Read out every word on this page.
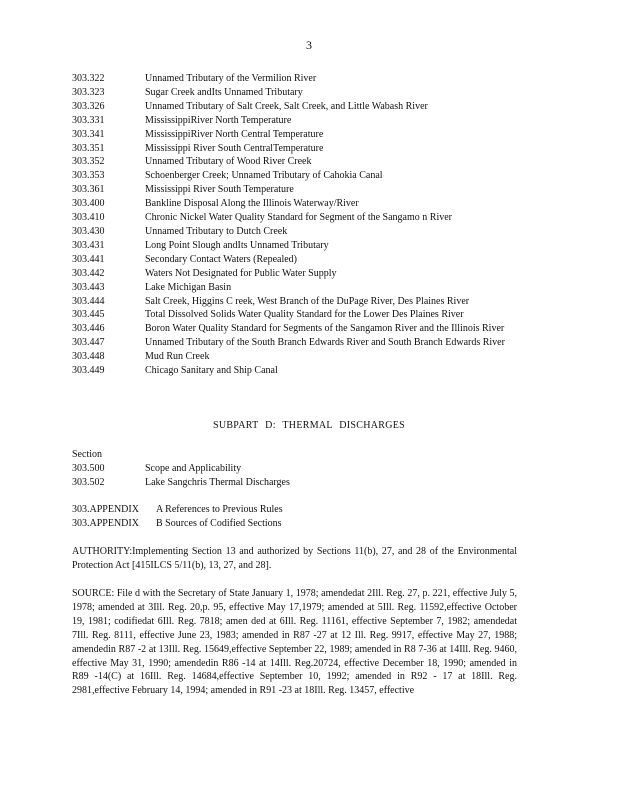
3
303.322	Unnamed Tributary of the Vermilion River
303.323	Sugar Creek andIts Unnamed Tributary
303.326	Unnamed Tributary of Salt Creek, Salt Creek, and Little Wabash River
303.331	MississippiRiver North Temperature
303.341	MississippiRiver North Central Temperature
303.351	Mississippi River South CentralTemperature
303.352	Unnamed Tributary of Wood River Creek
303.353	Schoenberger Creek; Unnamed Tributary of Cahokia Canal
303.361	Mississippi River South Temperature
303.400	Bankline Disposal Along the Illinois Waterway/River
303.410	Chronic Nickel Water Quality Standard for Segment of the Sangamo n River
303.430	Unnamed Tributary to Dutch Creek
303.431	Long Point Slough andIts Unnamed Tributary
303.441	Secondary Contact Waters (Repealed)
303.442	Waters Not Designated for Public Water Supply
303.443	Lake Michigan Basin
303.444	Salt Creek, Higgins C reek, West Branch of the DuPage River, Des Plaines River
303.445	Total Dissolved Solids Water Quality Standard for the Lower Des Plaines River
303.446	Boron Water Quality Standard for Segments of the Sangamon River and the Illinois River
303.447	Unnamed Tributary of the South Branch Edwards River and South Branch Edwards River
303.448	Mud Run Creek
303.449	Chicago Sanitary and Ship Canal
SUBPART D: THERMAL DISCHARGES
Section
303.500	Scope and Applicability
303.502	Lake Sangchris Thermal Discharges
303.APPENDIX	A References to Previous Rules
303.APPENDIX	B Sources of Codified Sections
AUTHORITY:Implementing Section 13 and authorized by Sections 11(b), 27, and 28 of the Environmental Protection Act [415ILCS 5/11(b), 13, 27, and 28].
SOURCE: File d with the Secretary of State January 1, 1978; amendedat 2Ill. Reg. 27, p. 221, effective July 5, 1978; amended at 3Ill. Reg. 20,p. 95, effective May 17,1979; amended at 5Ill. Reg. 11592,effective October 19, 1981; codifiedat 6Ill. Reg. 7818; amen ded at 6Ill. Reg. 11161, effective September 7, 1982; amendedat 7Ill. Reg. 8111, effective June 23, 1983; amended in R87 -27 at 12 Ill. Reg. 9917, effective May 27, 1988; amendedin R87 -2 at 13Ill. Reg. 15649,effective September 22, 1989; amended in R8 7-36 at 14Ill. Reg. 9460, effective May 31, 1990; amendedin R86 -14 at 14Ill. Reg.20724, effective December 18, 1990; amended in R89 -14(C) at 16Ill. Reg. 14684,effective September 10, 1992; amended in R92 - 17 at 18Ill. Reg. 2981,effective February 14, 1994; amended in R91 -23 at 18Ill. Reg. 13457, effective
